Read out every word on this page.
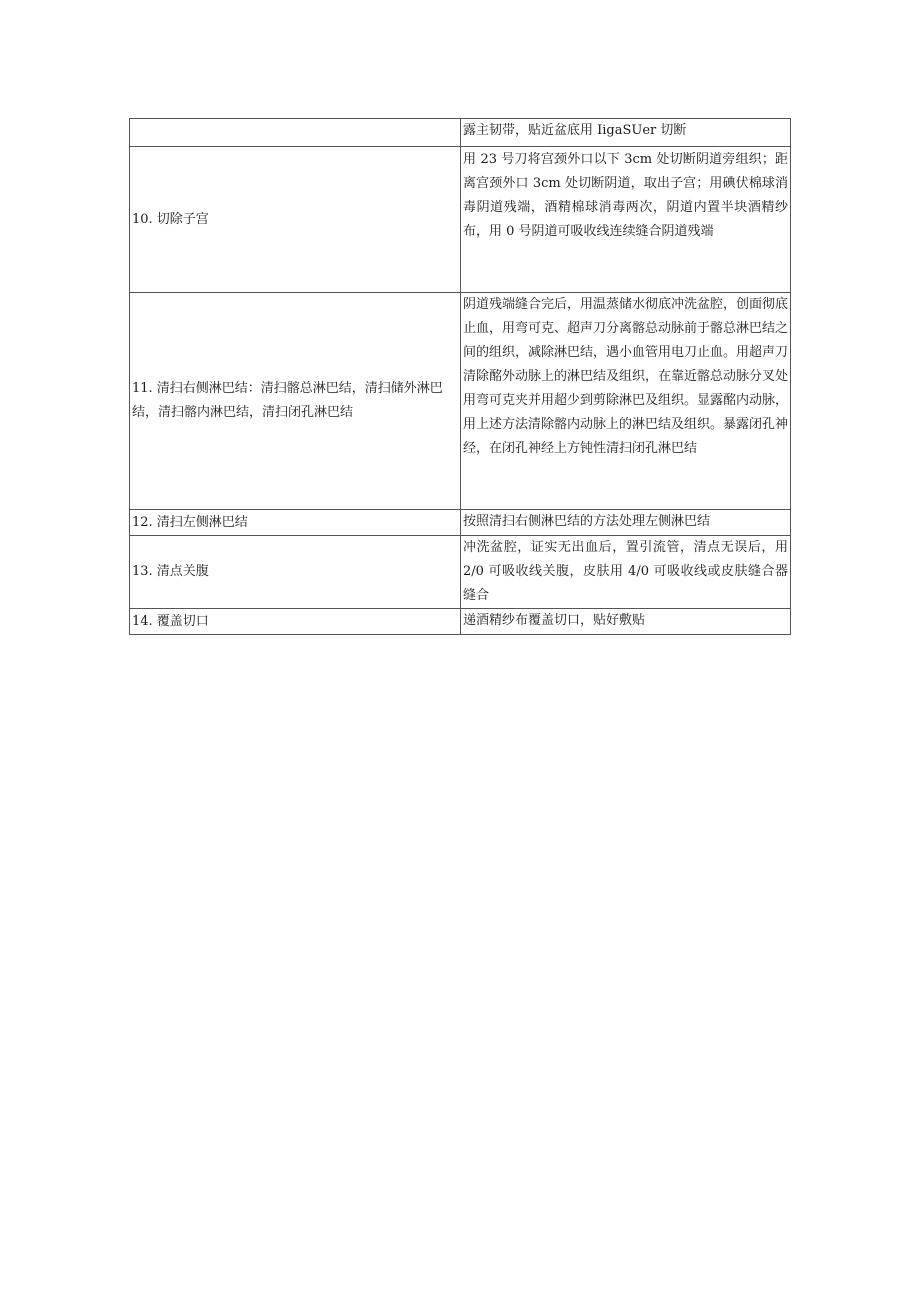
	露主韧带，贴近盆底用 IigaSUer 切断
10. 切除子宫	用 23 号刀将宫颈外口以下 3cm 处切断阴道旁组织；距离宫颈外口 3cm 处切断阴道，取出子宫；用碘伏棉球消毒阴道残端，酒精棉球消毒两次，阴道内置半块酒精纱布，用 0 号阴道可吸收线连续缝合阴道残端
11. 清扫右侧淋巴结：清扫髂总淋巴结，清扫储外淋巴结，清扫髂内淋巴结，清扫闭孔淋巴结	阴道残端缝合完后，用温蒸储水彻底冲洗盆腔，创面彻底止血，用弯可克、超声刀分离髂总动脉前于髂总淋巴结之间的组织，减除淋巴结，遇小血管用电刀止血。用超声刀清除酩外动脉上的淋巴结及组织，在靠近髂总动脉分叉处用弯可克夹并用超少到剪除淋巴及组织。显露酩内动脉，用上述方法清除髂内动脉上的淋巴结及组织。暴露闭孔神经，在闭孔神经上方钝性清扫闭孔淋巴结
12. 清扫左侧淋巴结	按照清扫右侧淋巴结的方法处理左侧淋巴结
13. 清点关腹	冲洗盆腔，证实无出血后，置引流管，清点无误后，用 2/0 可吸收线关腹，皮肤用 4/0 可吸收线或皮肤缝合器缝合
14. 覆盖切口	递酒精纱布覆盖切口，贴好敷贴
